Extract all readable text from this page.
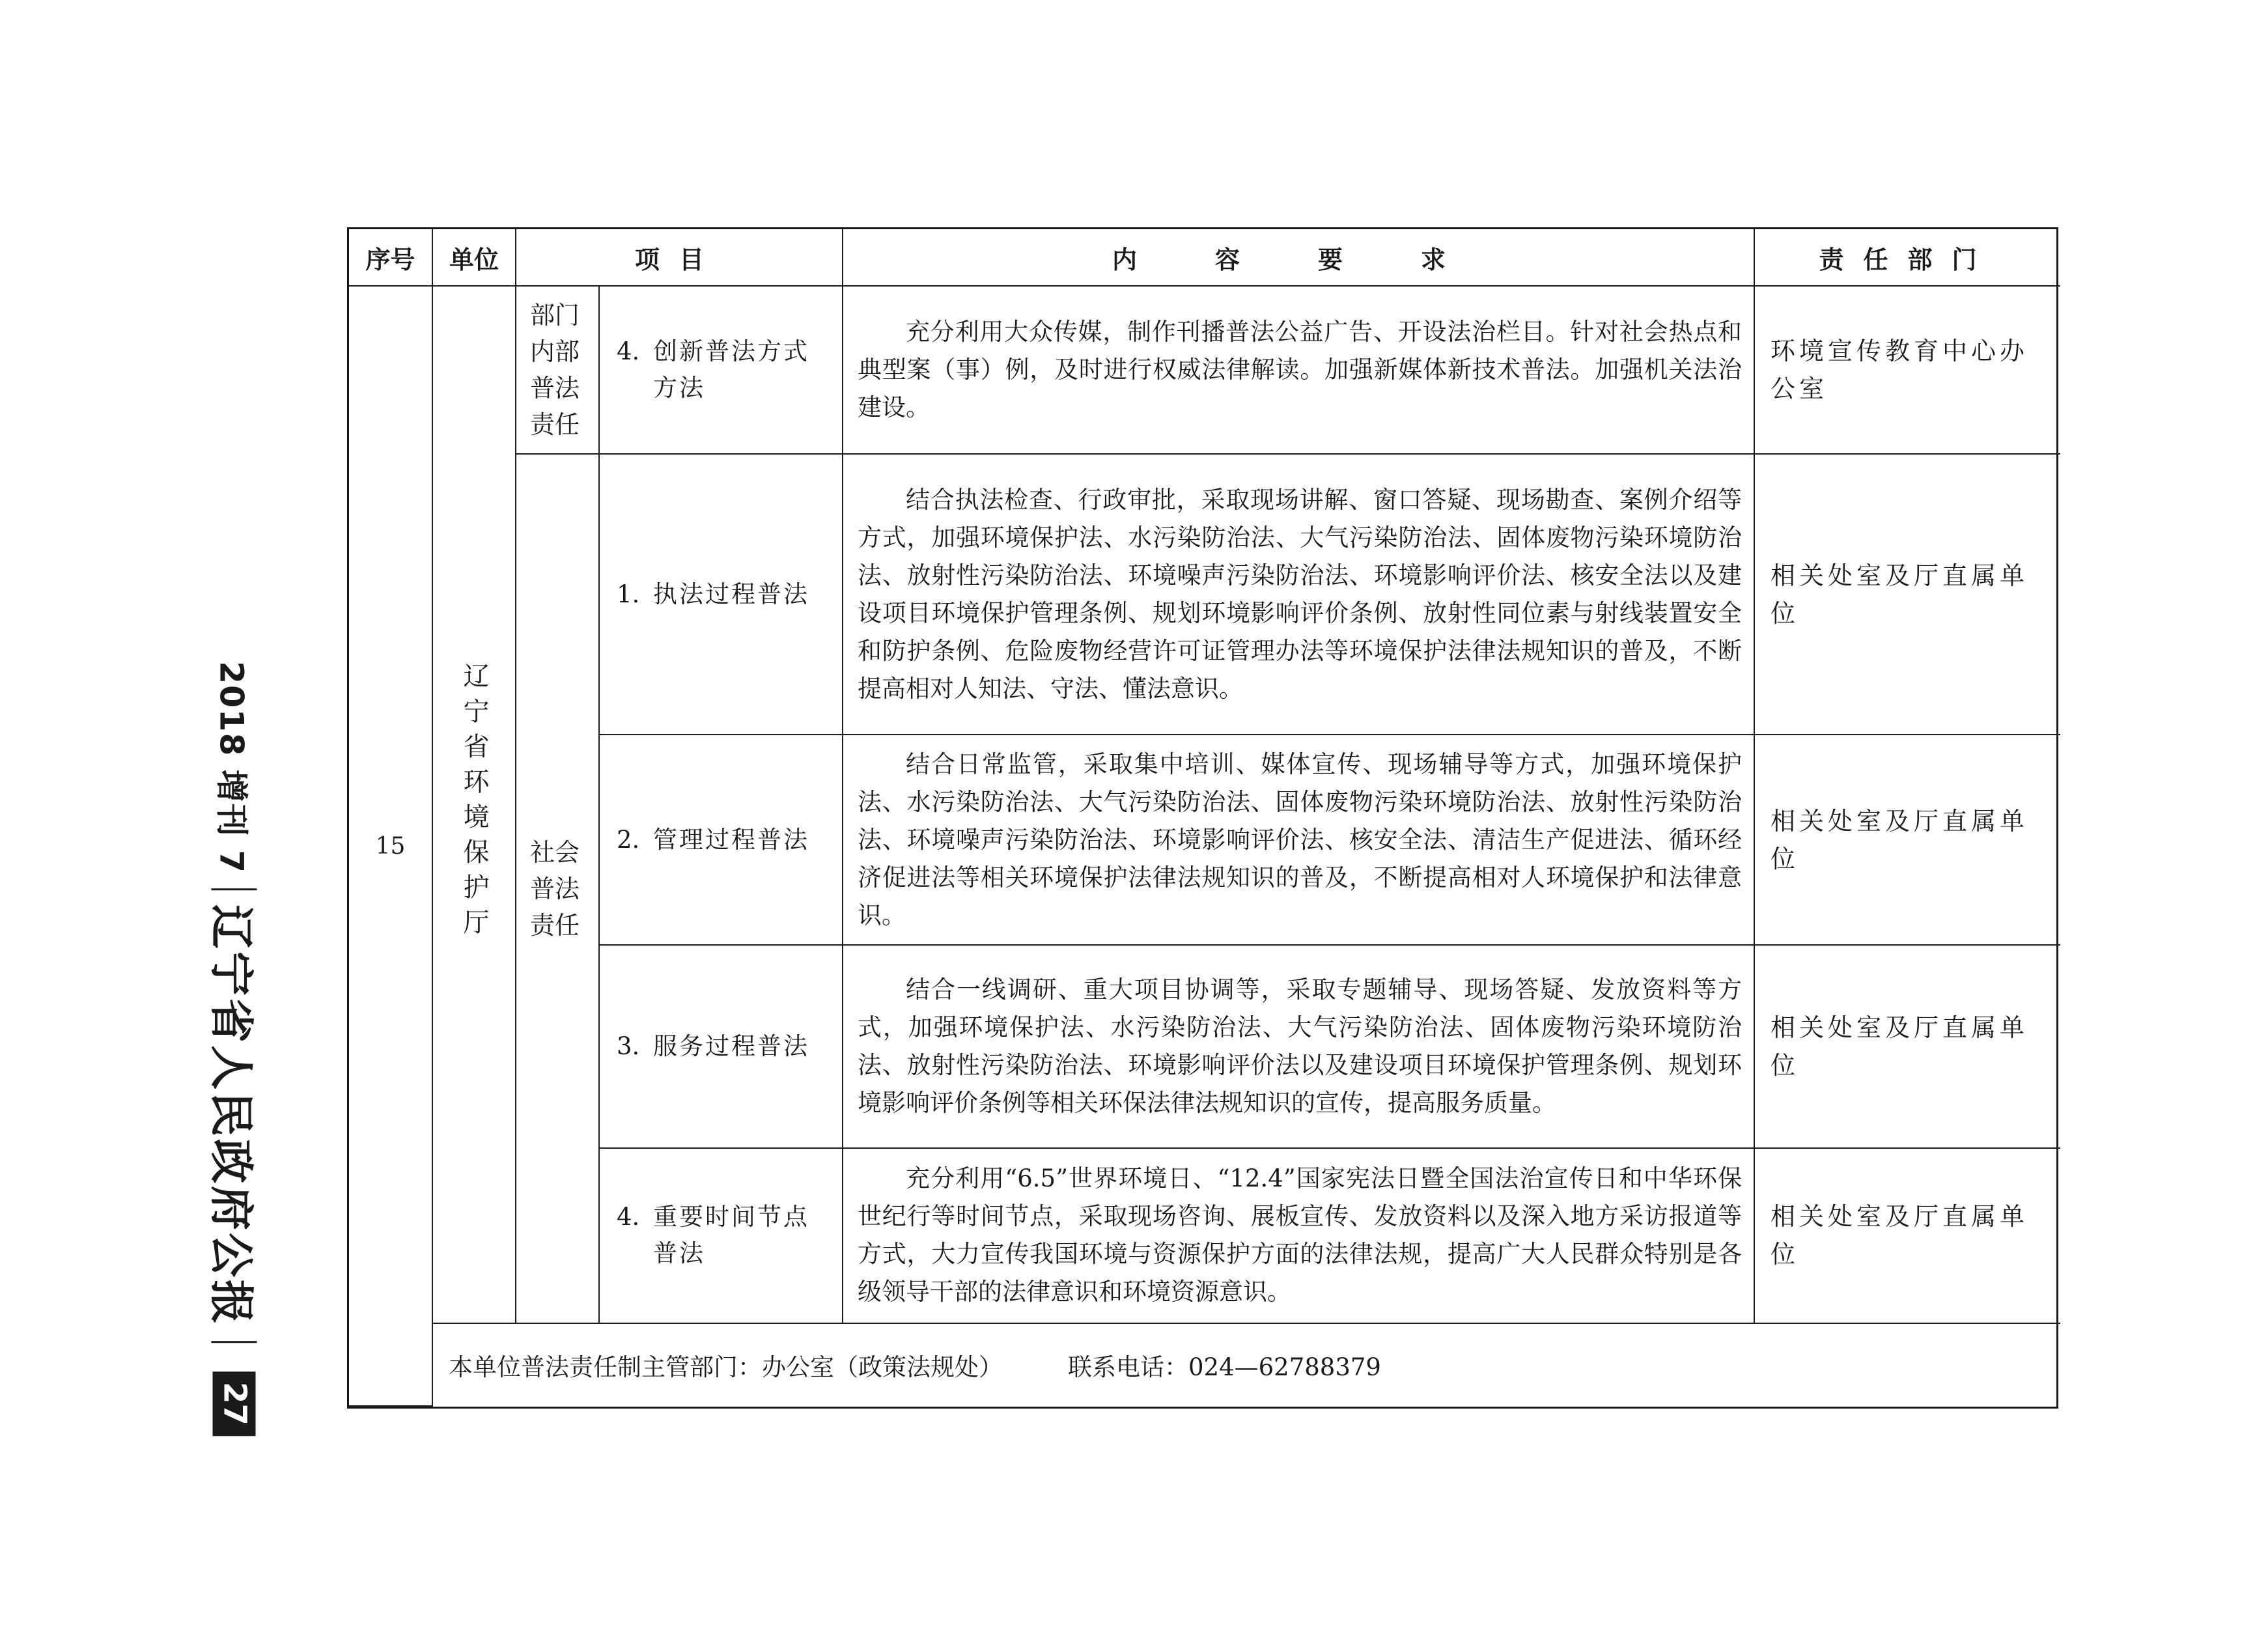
2018 增刊 7
辽宁省人民政府公报
27
序号	单位	项目		内容要求	责任部门
15	辽宁省环境保护厅	部门内部普法责任	4. 创新普法方式方法	充分利用大众传媒，制作刊播普法公益广告、开设法治栏目。针对社会热点和典型案（事）例，及时进行权威法律解读。加强新媒体新技术普法。加强机关法治建设。	环境宣传教育中心办公室
		社会普法责任	1. 执法过程普法	结合执法检查、行政审批，采取现场讲解、窗口答疑、现场勘查、案例介绍等方式，加强环境保护法、水污染防治法、大气污染防治法、固体废物污染环境防治法、放射性污染防治法、环境噪声污染防治法、环境影响评价法、核安全法以及建设项目环境保护管理条例、规划环境影响评价条例、放射性同位素与射线装置安全和防护条例、危险废物经营许可证管理办法等环境保护法律法规知识的普及，不断提高相对人知法、守法、懂法意识。	相关处室及厅直属单位
			2. 管理过程普法	结合日常监管，采取集中培训、媒体宣传、现场辅导等方式，加强环境保护法、水污染防治法、大气污染防治法、固体废物污染环境防治法、放射性污染防治法、环境噪声污染防治法、环境影响评价法、核安全法、清洁生产促进法、循环经济促进法等相关环境保护法律法规知识的普及，不断提高相对人环境保护和法律意识。	相关处室及厅直属单位
			3. 服务过程普法	结合一线调研、重大项目协调等，采取专题辅导、现场答疑、发放资料等方式，加强环境保护法、水污染防治法、大气污染防治法、固体废物污染环境防治法、放射性污染防治法、环境影响评价法以及建设项目环境保护管理条例、规划环境影响评价条例等相关环保法律法规知识的宣传，提高服务质量。	相关处室及厅直属单位
			4. 重要时间节点普法	充分利用“6.5”世界环境日、“12.4”国家宪法日暨全国法治宣传日和中华环保世纪行等时间节点，采取现场咨询、展板宣传、发放资料以及深入地方采访报道等方式，大力宣传我国环境与资源保护方面的法律法规，提高广大人民群众特别是各级领导干部的法律意识和环境资源意识。	相关处室及厅直属单位
	本单位普法责任制主管部门：办公室（政策法规处） 联系电话：024—62788379				
